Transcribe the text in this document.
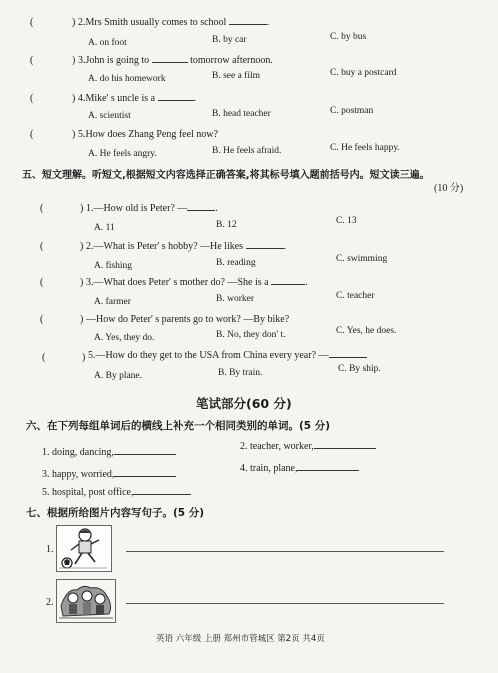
(	) 2.Mrs Smith usually comes to school	.
A. on foot	B. by car	C. by bus
(	) 3.John is going to	tomorrow afternoon.
A. do his homework	B. see a film	C. buy a postcard
(	) 4.Mike' s uncle is a	.
A. scientist	B. head teacher	C. postman
(	) 5.How does Zhang Peng feel now?
A. He feels angry.	B. He feels afraid.	C. He feels happy.
五、短文理解。听短文,根据短文内容选择正确答案,将其标号填入题前括号内。短文读三遍。
(10 分)
(	) 1.—How old is Peter? —	.
A. 11	B. 12	C. 13
(	) 2.—What is Peter' s hobby? —He likes	.
A. fishing	B. reading	C. swimming
(	) 3.—What does Peter' s mother do? —She is a	.
A. farmer	B. worker	C. teacher
(	) —How do Peter' s parents go to work? —By bike?
A. Yes, they do.	B. No, they don' t.	C. Yes, he does.
(	) 5.—How do they get to the USA from China every year? —
A. By plane.	B. By train.	C. By ship.
笔试部分(60 分)
六、在下列每组单词后的横线上补充一个相同类别的单词。(5 分)
1. doing, dancing,
2. teacher, worker,
3. happy, worried,
4. train, plane,
5. hospital, post office,
七、根据所给图片内容写句子。(5 分)
1.
2.
英语 六年级 上册 郑州市管城区 第2页 共4页
